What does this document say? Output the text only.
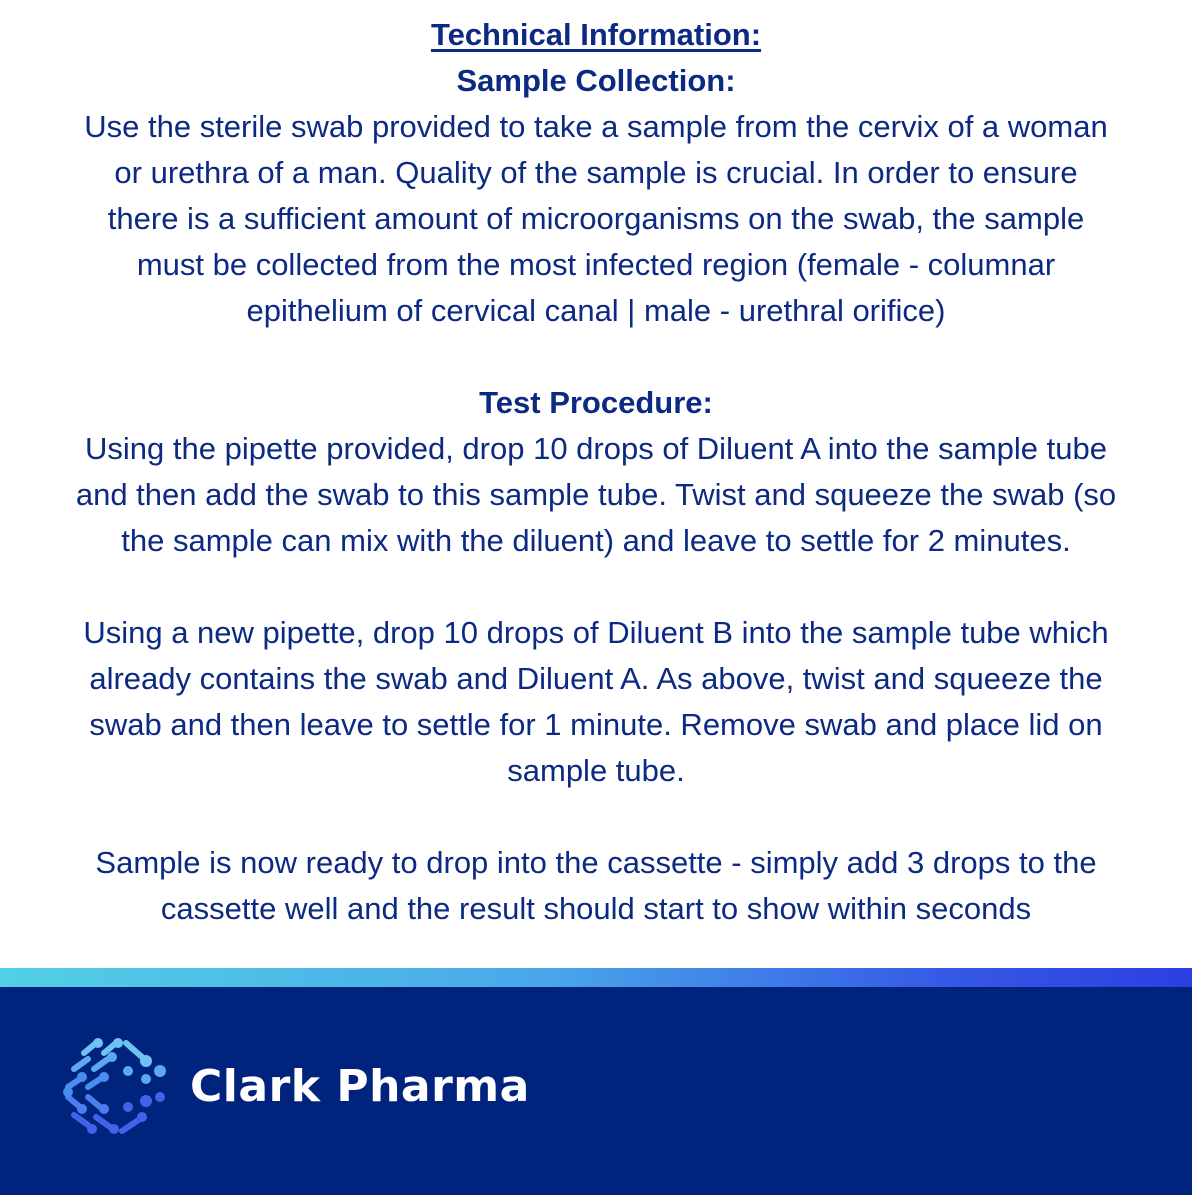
Technical Information:

Sample Collection:

Use the sterile swab provided to take a sample from the cervix of a woman

or urethra of a man. Quality of the sample is crucial. In order to ensure

there is a sufficient amount of microorganisms on the swab, the sample

must be collected from the most infected region (female - columnar

epithelium of cervical canal | male - urethral orifice)

Test Procedure:

Using the pipette provided, drop 10 drops of Diluent A into the sample tube

and then add the swab to this sample tube. Twist and squeeze the swab (so

the sample can mix with the diluent) and leave to settle for 2 minutes.

Using a new pipette, drop 10 drops of Diluent B into the sample tube which

already contains the swab and Diluent A. As above, twist and squeeze the

swab and then leave to settle for 1 minute. Remove swab and place lid on

sample tube.

Sample is now ready to drop into the cassette - simply add 3 drops to the

cassette well and the result should start to show within seconds

Clark Pharma
